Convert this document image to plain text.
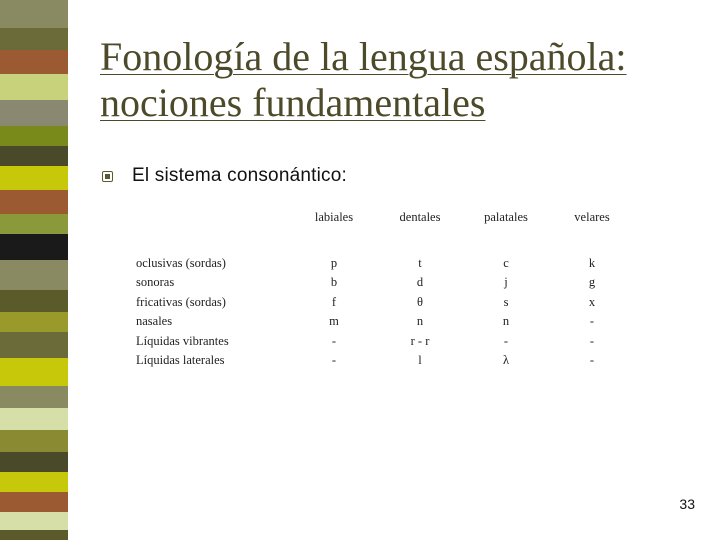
Fonología de la lengua española:
nociones fundamentales
El sistema consonántico:
	labiales	dentales	palatales	velares

oclusivas (sordas)	p	t	c	k
sonoras	b	d	j	g
fricativas (sordas)	f	θ	s	x
nasales	m	n	n	-
Líquidas vibrantes	-	r - r	-	-
Líquidas laterales	-	l	λ	-
33
